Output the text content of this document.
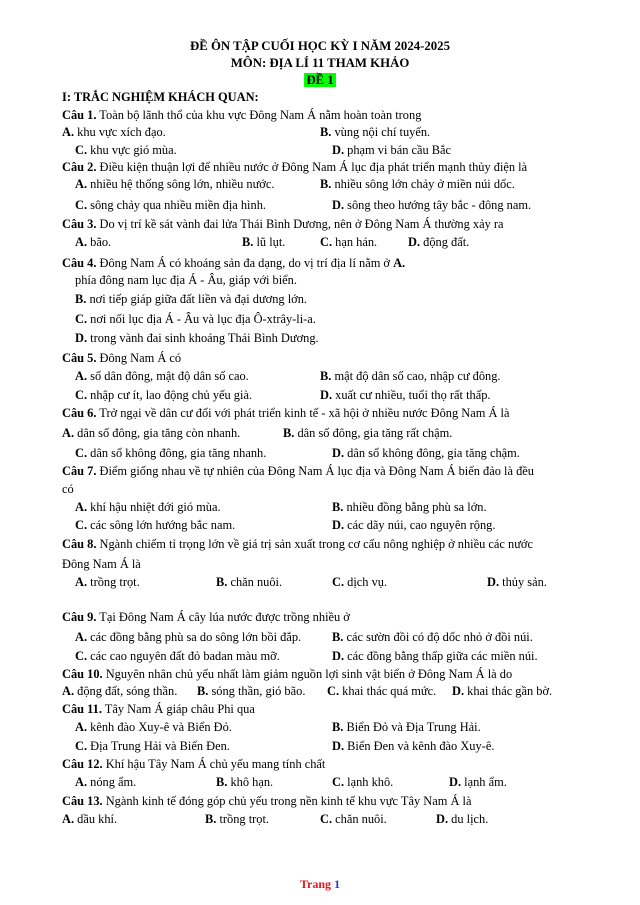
ĐỀ ÔN TẬP CUỐI HỌC KỲ I NĂM 2024-2025
MÔN: ĐỊA LÍ 11 THAM KHẢO
ĐỀ 1
I: TRẮC NGHIỆM KHÁCH QUAN:
Câu 1. Toàn bộ lãnh thổ của khu vực Đông Nam Á nằm hoàn toàn trong
A. khu vực xích đạo.	B. vùng nội chí tuyến.
C. khu vực gió mùa.	D. phạm vi bán cầu Bắc
Câu 2. Điều kiện thuận lợi để nhiều nước ở Đông Nam Á lục địa phát triển mạnh thủy điện là
A. nhiều hệ thống sông lớn, nhiều nước.	B. nhiều sông lớn chảy ở miền núi dốc.
C. sông chảy qua nhiều miền địa hình.	D. sông theo hướng tây bắc - đông nam.
Câu 3. Do vị trí kề sát vành đai lửa Thái Bình Dương, nên ở Đông Nam Á thường xảy ra
A. bão.	B. lũ lụt.	C. hạn hán. D. động đất.
Câu 4. Đông Nam Á có khoáng sản đa dạng, do vị trí địa lí nằm ở A.
phía đông nam lục địa Á - Âu, giáp với biển.
B. nơi tiếp giáp giữa đất liền và đại dương lớn.
C. nơi nối lục địa Á - Âu và lục địa Ô-xtrây-li-a.
D. trong vành đai sinh khoáng Thái Bình Dương.
Câu 5. Đông Nam Á có
A. số dân đông, mật độ dân số cao.	B. mật độ dân số cao, nhập cư đông.
C. nhập cư ít, lao động chủ yếu già.	D. xuất cư nhiều, tuổi thọ rất thấp.
Câu 6. Trở ngại về dân cư đối với phát triển kinh tế - xã hội ở nhiều nước Đông Nam Á là
A. dân số đông, gia tăng còn nhanh.	B. dân số đông, gia tăng rất chậm.
C. dân số không đông, gia tăng nhanh.	D. dân số không đông, gia tăng chậm.
Câu 7. Điểm giống nhau về tự nhiên của Đông Nam Á lục địa và Đông Nam Á biển đảo là đều
có
A. khí hậu nhiệt đới gió mùa.	B. nhiều đồng bằng phù sa lớn.
C. các sông lớn hướng bắc nam.	D. các dãy núi, cao nguyên rộng.
Câu 8. Ngành chiếm tỉ trọng lớn về giá trị sản xuất trong cơ cấu nông nghiệp ở nhiều các nước
Đông Nam Á là
A. trồng trọt.	B. chăn nuôi.	C. dịch vụ.	D. thủy sản.
Câu 9. Tại Đông Nam Á cây lúa nước được trồng nhiều ở
A. các đồng bằng phù sa do sông lớn bồi đắp. B. các sườn đồi có độ dốc nhỏ ở đồi núi.
C. các cao nguyên đất đỏ badan màu mỡ.	D. các đồng bằng thấp giữa các miền núi.
Câu 10. Nguyên nhân chủ yếu nhất làm giảm nguồn lợi sinh vật biển ở Đông Nam Á là do
A. động đất, sóng thần. B. sóng thần, gió bão. C. khai thác quá mức. D. khai thác gần bờ.
Câu 11. Tây Nam Á giáp châu Phi qua
A. kênh đào Xuy-ê và Biển Đỏ.	B. Biển Đỏ và Địa Trung Hải.
C. Địa Trung Hải và Biển Đen.	D. Biển Đen và kênh đào Xuy-ê.
Câu 12. Khí hậu Tây Nam Á chủ yếu mang tính chất
A. nóng ẩm.	B. khô hạn.	C. lạnh khô.	D. lạnh ẩm.
Câu 13. Ngành kinh tế đóng góp chủ yếu trong nền kinh tế khu vực Tây Nam Á là
A. dầu khí.	B. trồng trọt.	C. chăn nuôi.	D. du lịch.
Trang 1
